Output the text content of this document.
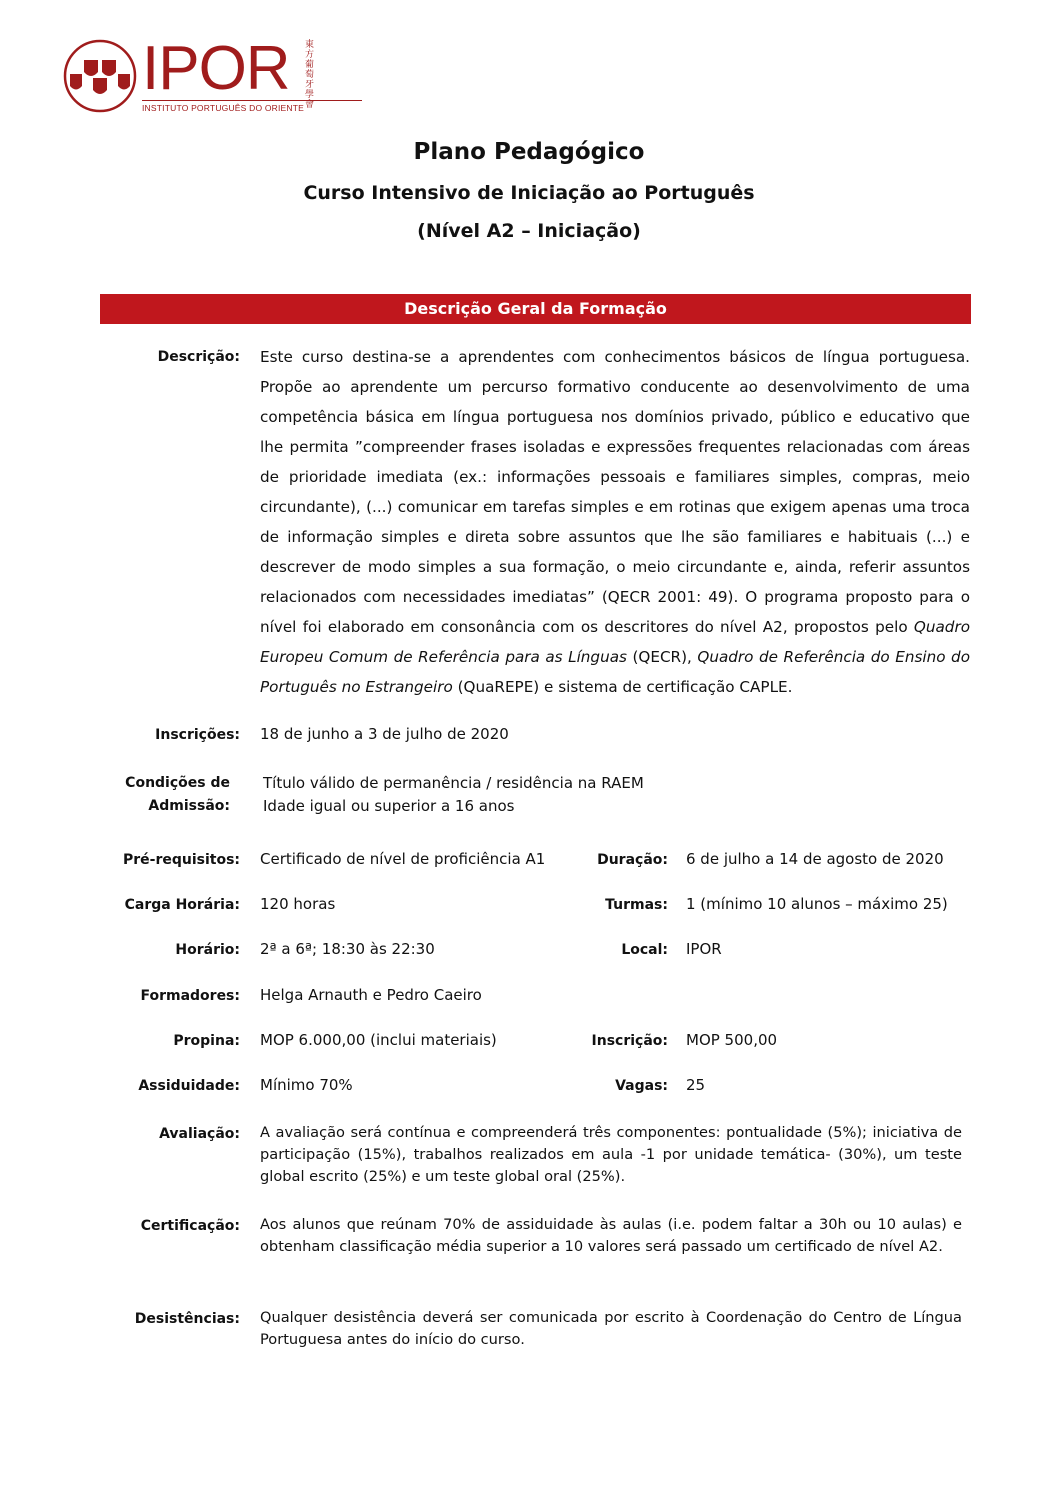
IPOR
INSTITUTO PORTUGUÊS DO ORIENTE
東方葡萄牙學會
Plano Pedagógico
Curso Intensivo de Iniciação ao Português
(Nível A2 – Iniciação)
Descrição Geral da Formação
Descrição: Este curso destina-se a aprendentes com conhecimentos básicos de língua portuguesa. Propõe ao aprendente um percurso formativo conducente ao desenvolvimento de uma competência básica em língua portuguesa nos domínios privado, público e educativo que lhe permita ”compreender frases isoladas e expressões frequentes relacionadas com áreas de prioridade imediata (ex.: informações pessoais e familiares simples, compras, meio circundante), (...) comunicar em tarefas simples e em rotinas que exigem apenas uma troca de informação simples e direta sobre assuntos que lhe são familiares e habituais (...) e descrever de modo simples a sua formação, o meio circundante e, ainda, referir assuntos relacionados com necessidades imediatas” (QECR 2001: 49). O programa proposto para o nível foi elaborado em consonância com os descritores do nível A2, propostos pelo Quadro Europeu Comum de Referência para as Línguas (QECR), Quadro de Referência do Ensino do Português no Estrangeiro (QuaREPE) e sistema de certificação CAPLE.
Inscrições: 18 de junho a 3 de julho de 2020
Condições de
Admissão:
Título válido de permanência / residência na RAEM
Idade igual ou superior a 16 anos
Pré-requisitos: Certificado de nível de proficiência A1	Duração: 6 de julho a 14 de agosto de 2020
Carga Horária: 120 horas	Turmas: 1 (mínimo 10 alunos – máximo 25)
Horário: 2ª a 6ª; 18:30 às 22:30	Local: IPOR
Formadores: Helga Arnauth e Pedro Caeiro
Propina: MOP 6.000,00 (inclui materiais)	Inscrição: MOP 500,00
Assiduidade: Mínimo 70%	Vagas: 25
Avaliação: A avaliação será contínua e compreenderá três componentes: pontualidade (5%); iniciativa de participação (15%), trabalhos realizados em aula -1 por unidade temática- (30%), um teste global escrito (25%) e um teste global oral (25%).
Certificação: Aos alunos que reúnam 70% de assiduidade às aulas (i.e. podem faltar a 30h ou 10 aulas) e obtenham classificação média superior a 10 valores será passado um certificado de nível A2.
Desistências: Qualquer desistência deverá ser comunicada por escrito à Coordenação do Centro de Língua Portuguesa antes do início do curso.
